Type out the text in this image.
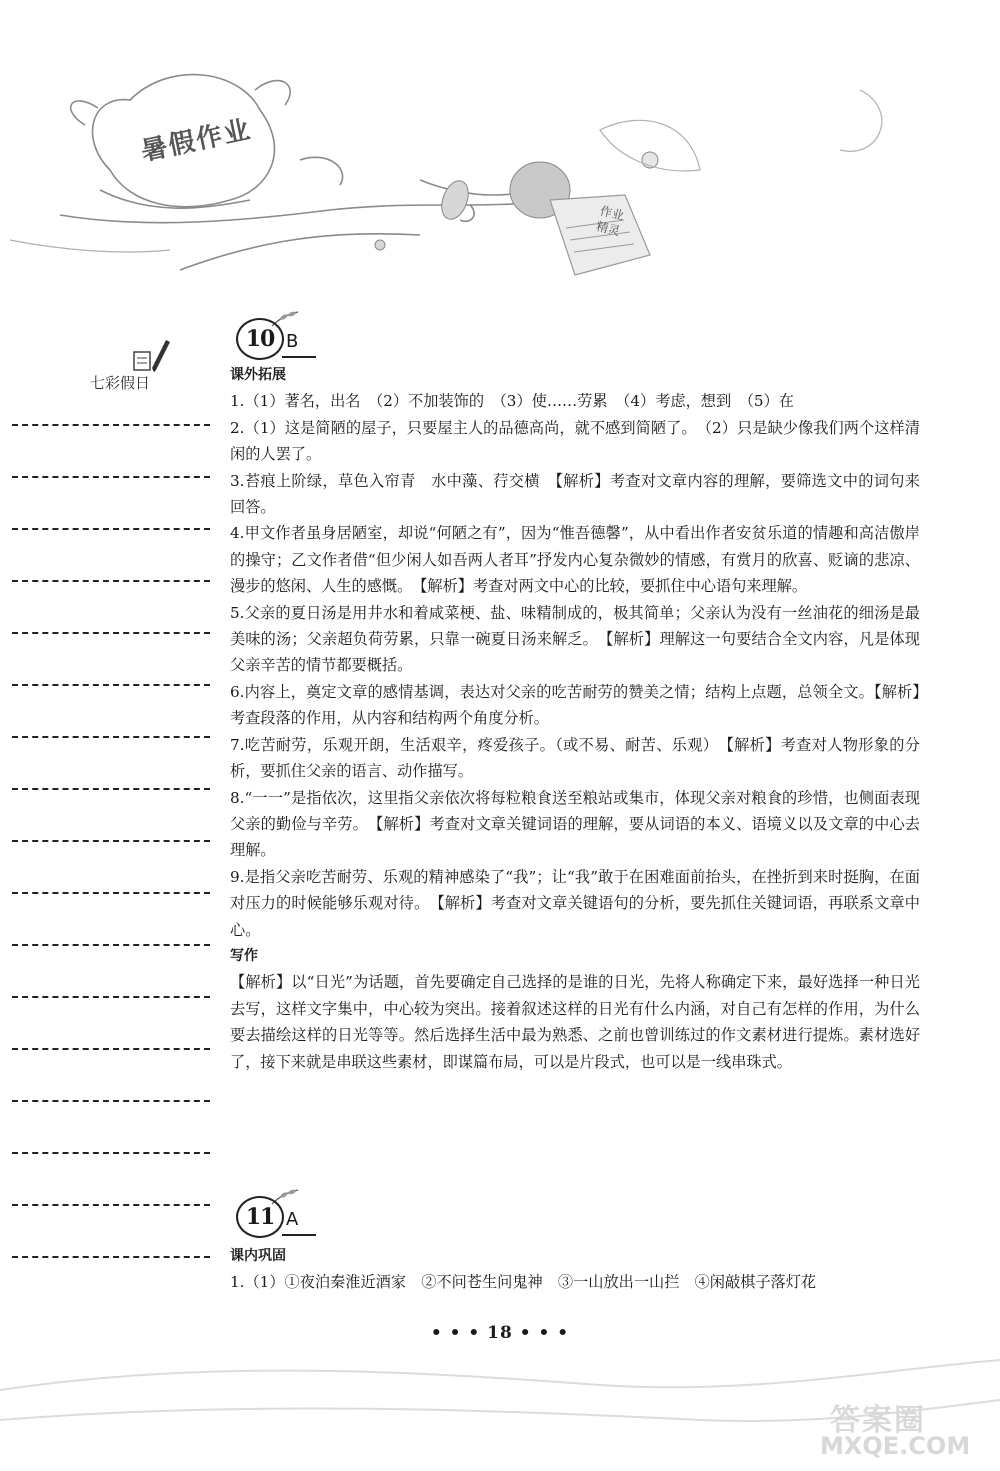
暑假作业
作业
精灵
七彩假日
10 B

课外拓展

1.（1）著名，出名　（2）不加装饰的　（3）使……劳累　（4）考虑，想到　（5）在

2.（1）这是简陋的屋子，只要屋主人的品德高尚，就不感到简陋了。　（2）只是缺少像我们两个这样清闲的人罢了。

3.苔痕上阶绿，草色入帘青　水中藻、荇交横　【解析】考查对文章内容的理解，要筛选文中的词句来回答。

4.甲文作者虽身居陋室，却说“何陋之有”，因为“惟吾德馨”，从中看出作者安贫乐道的情趣和高洁傲岸的操守；乙文作者借“但少闲人如吾两人者耳”抒发内心复杂微妙的情感，有赏月的欣喜、贬谪的悲凉、漫步的悠闲、人生的感慨。　【解析】考查对两文中心的比较，要抓住中心语句来理解。

5.父亲的夏日汤是用井水和着咸菜梗、盐、味精制成的，极其简单；父亲认为没有一丝油花的细汤是最美味的汤；父亲超负荷劳累，只靠一碗夏日汤来解乏。　【解析】理解这一句要结合全文内容，凡是体现父亲辛苦的情节都要概括。

6.内容上，奠定文章的感情基调，表达对父亲的吃苦耐劳的赞美之情；结构上点题，总领全文。【解析】考查段落的作用，从内容和结构两个角度分析。

7.吃苦耐劳，乐观开朗，生活艰辛，疼爱孩子。（或不易、耐苦、乐观）　【解析】考查对人物形象的分析，要抓住父亲的语言、动作描写。

8.“一一”是指依次，这里指父亲依次将每粒粮食送至粮站或集市，体现父亲对粮食的珍惜，也侧面表现父亲的勤俭与辛劳。　【解析】考查对文章关键词语的理解，要从词语的本义、语境义以及文章的中心去理解。

9.是指父亲吃苦耐劳、乐观的精神感染了“我”；让“我”敢于在困难面前抬头，在挫折到来时挺胸，在面对压力的时候能够乐观对待。　【解析】考查对文章关键语句的分析，要先抓住关键词语，再联系文章中心。

写作

【解析】以“日光”为话题，首先要确定自己选择的是谁的日光，先将人称确定下来，最好选择一种日光去写，这样文字集中，中心较为突出。接着叙述这样的日光有什么内涵，对自己有怎样的作用，为什么要去描绘这样的日光等等。然后选择生活中最为熟悉、之前也曾训练过的作文素材进行提炼。素材选好了，接下来就是串联这些素材，即谋篇布局，可以是片段式，也可以是一线串珠式。

11 A

课内巩固

1.（1）①夜泊秦淮近酒家　②不问苍生问鬼神　③一山放出一山拦　④闲敲棋子落灯花

• • • 18 • • •
答案圈
MXQE.COM
